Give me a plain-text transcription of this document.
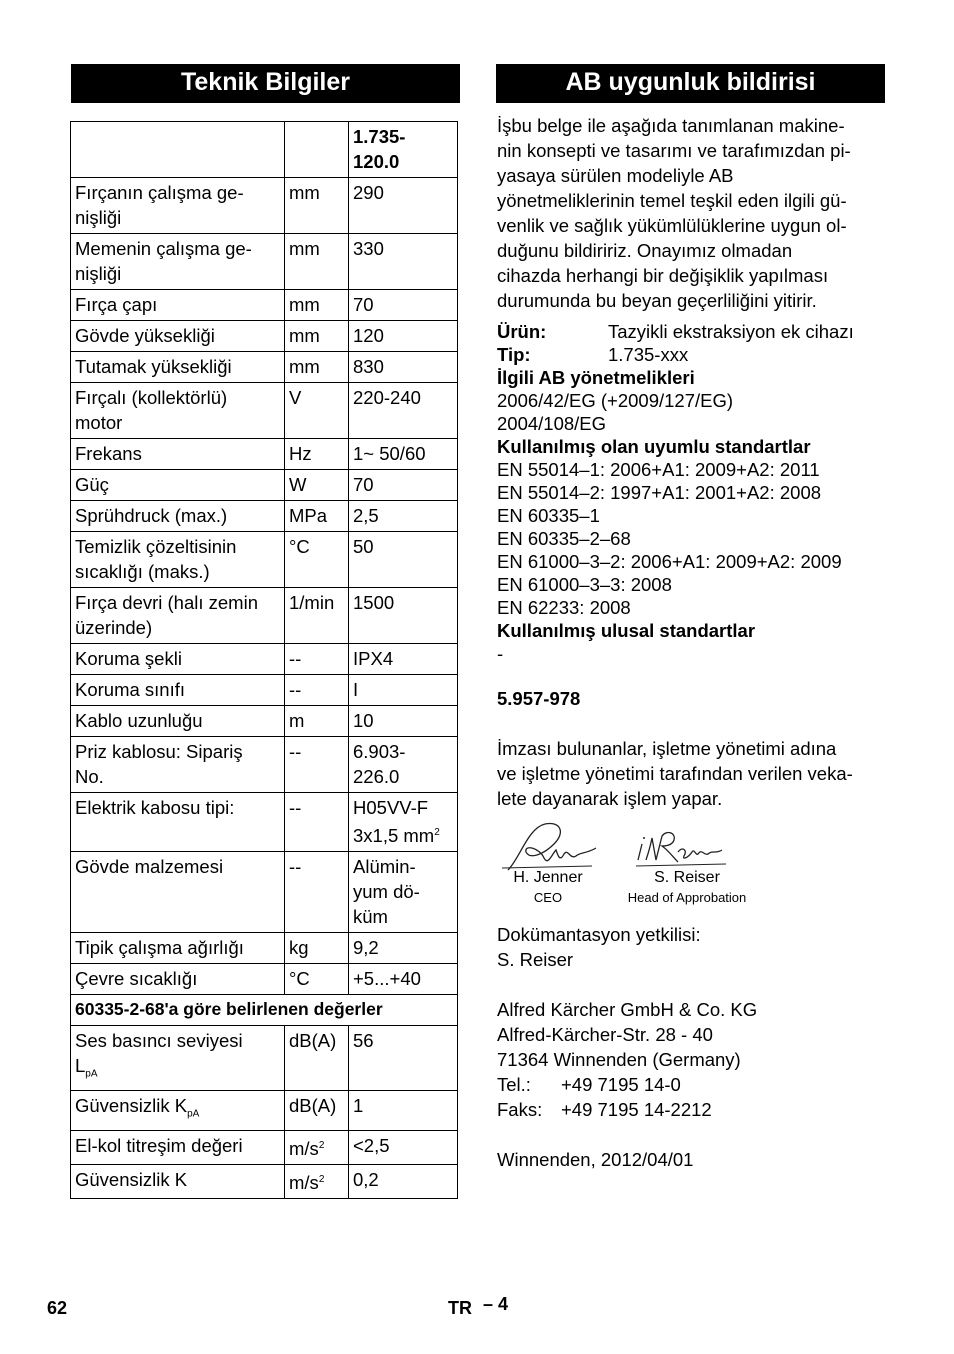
Teknik Bilgiler
		1.735-
120.0
Fırçanın çalışma ge-
nişliği	mm	290
Memenin çalışma ge-
nişliği	mm	330
Fırça çapı	mm	70
Gövde yüksekliği	mm	120
Tutamak yüksekliği	mm	830
Fırçalı (kollektörlü)
motor	V	220-240
Frekans	Hz	1~ 50/60
Güç	W	70
Sprühdruck (max.)	MPa	2,5
Temizlik çözeltisinin
sıcaklığı (maks.)	°C	50
Fırça devri (halı zemin
üzerinde)	1/min	1500
Koruma şekli	--	IPX4
Koruma sınıfı	--	I
Kablo uzunluğu	m	10
Priz kablosu: Sipariş
No.	--	6.903-
226.0
Elektrik kabosu tipi:	--	H05VV-F
3x1,5 $mm^2$
Gövde malzemesi	--	Alümin-
yum dö-
küm
Tipik çalışma ağırlığı	kg	9,2
Çevre sıcaklığı	°C	+5...+40
60335-2-68'a göre belirlenen değerler		
Ses basıncı seviyesi
$L_{pA}$	dB(A)	56
Güvensizlik $K_{pA}$	dB(A)	1
El-kol titreşim değeri	$m/s^2$	<2,5
Güvensizlik K	$m/s^2$	0,2
AB uygunluk bildirisi
İşbu belge ile aşağıda tanımlanan makine-
nin konsepti ve tasarımı ve tarafımızdan pi-
yasaya sürülen modeliyle AB
yönetmeliklerinin temel teşkil eden ilgili gü-
venlik ve sağlık yükümlülüklerine uygun ol-
duğunu bildiririz. Onayımız olmadan
cihazda herhangi bir değişiklik yapılması
durumunda bu beyan geçerliliğini yitirir.
Ürün:	Tazyikli ekstraksiyon ek cihazı
Tip:	1.735-xxx
İlgili AB yönetmelikleri
2006/42/EG (+2009/127/EG)
2004/108/EG
Kullanılmış olan uyumlu standartlar
EN 55014–1: 2006+A1: 2009+A2: 2011
EN 55014–2: 1997+A1: 2001+A2: 2008
EN 60335–1
EN 60335–2–68
EN 61000–3–2: 2006+A1: 2009+A2: 2009
EN 61000–3–3: 2008
EN 62233: 2008
Kullanılmış ulusal standartlar
-
5.957-978
İmzası bulunanlar, işletme yönetimi adına
ve işletme yönetimi tarafından verilen veka-
lete dayanarak işlem yapar.
H. Jenner
CEO
S. Reiser
Head of Approbation
Dokümantasyon yetkilisi:
S. Reiser
Alfred Kärcher GmbH & Co. KG
Alfred-Kärcher-Str. 28 - 40
71364 Winnenden (Germany)
Tel.:	+49 7195 14-0
Faks:	+49 7195 14-2212
Winnenden, 2012/04/01
62	TR – 4
